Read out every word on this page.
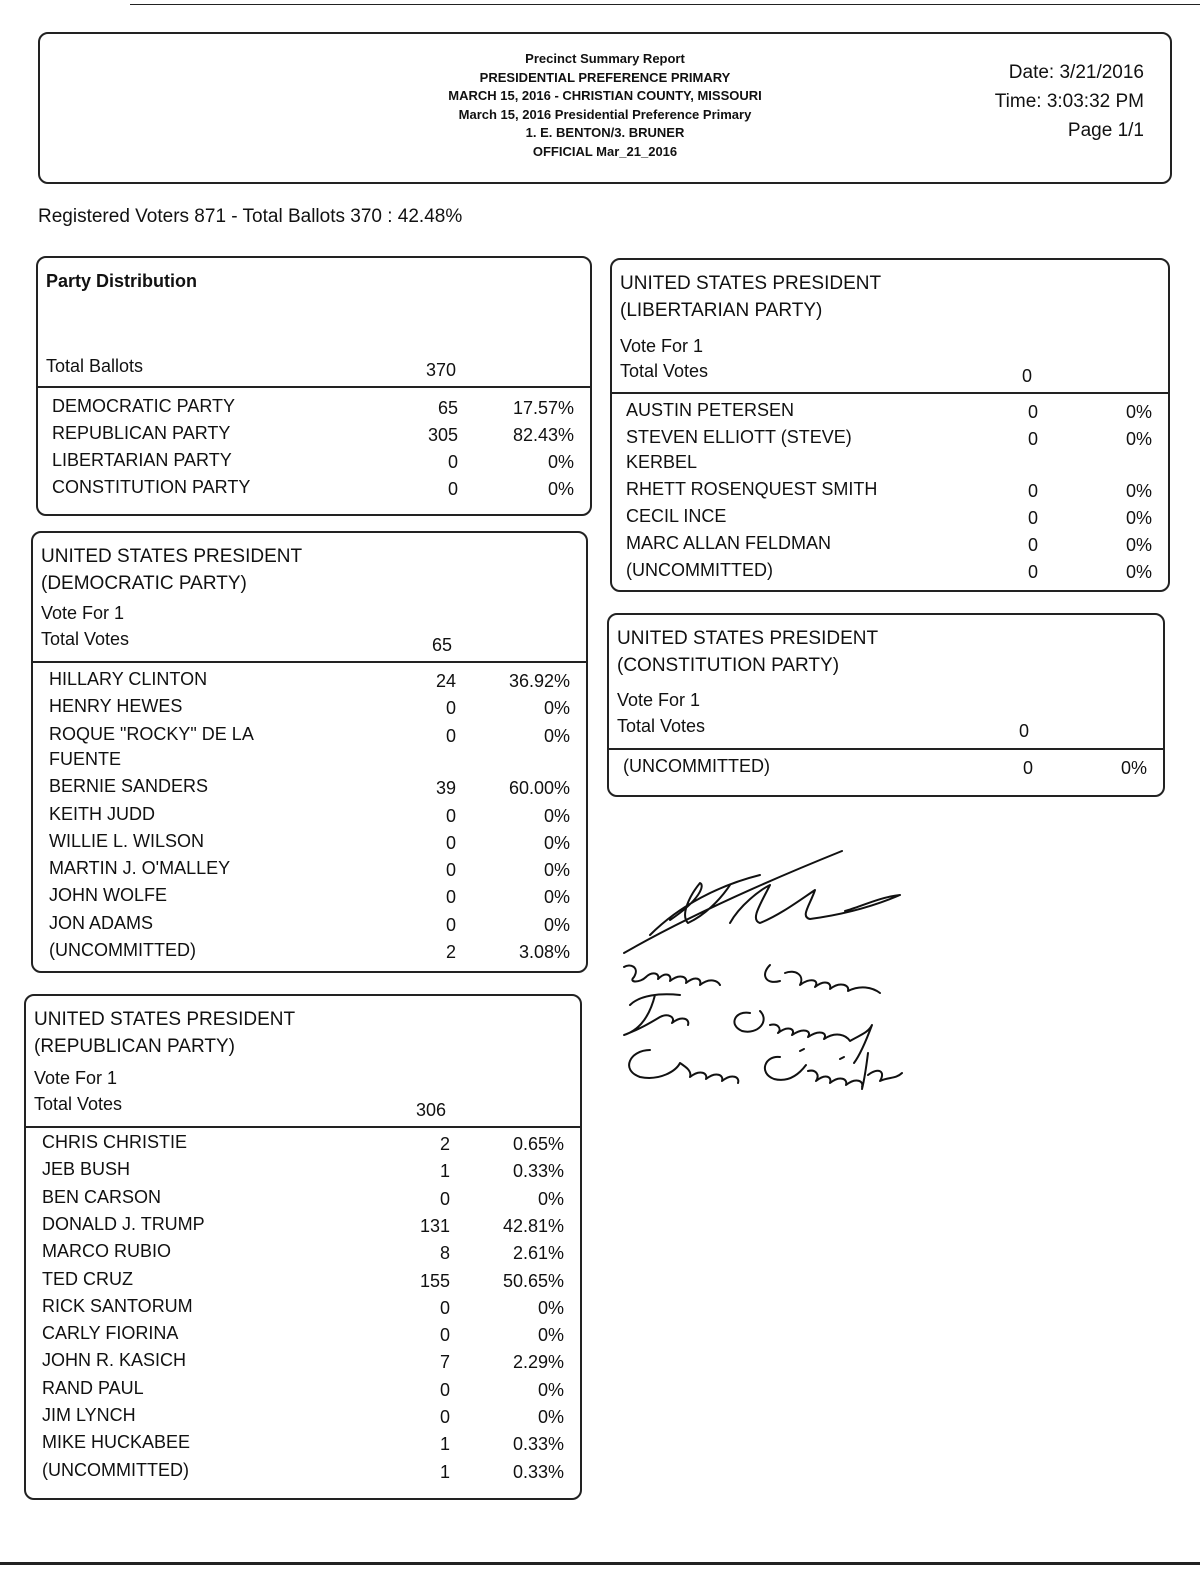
Precinct Summary Report
PRESIDENTIAL PREFERENCE PRIMARY
MARCH 15, 2016 - CHRISTIAN COUNTY, MISSOURI
March 15, 2016 Presidential Preference Primary
1. E. BENTON/3. BRUNER
OFFICIAL Mar_21_2016
Date: 3/21/2016
Time: 3:03:32 PM
Page 1/1
Registered Voters 871 - Total Ballots 370 : 42.48%
Party Distribution
Total Ballots	370
DEMOCRATIC PARTY	65	17.57%
REPUBLICAN PARTY	305	82.43%
LIBERTARIAN PARTY	0	0%
CONSTITUTION PARTY	0	0%
UNITED STATES PRESIDENT
(DEMOCRATIC PARTY)
Vote For 1
Total Votes	65
HILLARY CLINTON	24	36.92%
HENRY HEWES	0	0%
ROQUE "ROCKY" DE LA	0	0%
FUENTE
BERNIE SANDERS	39	60.00%
KEITH JUDD	0	0%
WILLIE L. WILSON	0	0%
MARTIN J. O'MALLEY	0	0%
JOHN WOLFE	0	0%
JON ADAMS	0	0%
(UNCOMMITTED)	2	3.08%
UNITED STATES PRESIDENT
(REPUBLICAN PARTY)
Vote For 1
Total Votes	306
CHRIS CHRISTIE	2	0.65%
JEB BUSH	1	0.33%
BEN CARSON	0	0%
DONALD J. TRUMP	131	42.81%
MARCO RUBIO	8	2.61%
TED CRUZ	155	50.65%
RICK SANTORUM	0	0%
CARLY FIORINA	0	0%
JOHN R. KASICH	7	2.29%
RAND PAUL	0	0%
JIM LYNCH	0	0%
MIKE HUCKABEE	1	0.33%
(UNCOMMITTED)	1	0.33%
UNITED STATES PRESIDENT
(LIBERTARIAN PARTY)
Vote For 1
Total Votes	0
AUSTIN PETERSEN	0	0%
STEVEN ELLIOTT (STEVE)	0	0%
KERBEL
RHETT ROSENQUEST SMITH	0	0%
CECIL INCE	0	0%
MARC ALLAN FELDMAN	0	0%
(UNCOMMITTED)	0	0%
UNITED STATES PRESIDENT
(CONSTITUTION PARTY)
Vote For 1
Total Votes	0
(UNCOMMITTED)	0	0%
